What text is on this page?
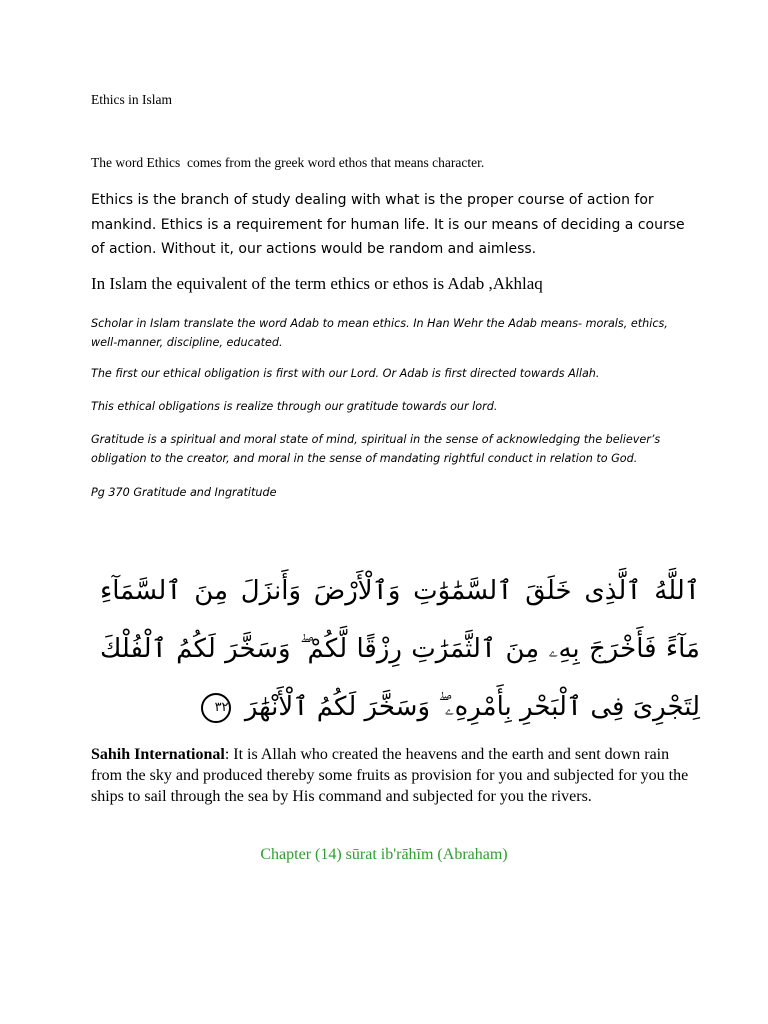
Ethics in Islam
The word Ethics  comes from the greek word ethos that means character.
Ethics is the branch of study dealing with what is the proper course of action for mankind. Ethics is a requirement for human life. It is our means of deciding a course of action. Without it, our actions would be random and aimless.
In Islam the equivalent of the term ethics or ethos is Adab ,Akhlaq
Scholar in Islam translate the word Adab to mean ethics. In Han Wehr the Adab means- morals, ethics, well-manner, discipline, educated.
The first our ethical obligation is first with our Lord. Or Adab is first directed towards Allah.
This ethical obligations is realize through our gratitude towards our lord.
Gratitude is a spiritual and moral state of mind, spiritual in the sense of acknowledging the believer’s obligation to the creator, and moral in the sense of mandating rightful conduct in relation to God.
Pg 370 Gratitude and Ingratitude
ٱللَّهُ ٱلَّذِى خَلَقَ ٱلسَّمَٰوَٰتِ وَٱلْأَرْضَ وَأَنزَلَ مِنَ ٱلسَّمَآءِ مَآءً فَأَخْرَجَ بِهِۦ مِنَ ٱلثَّمَرَٰتِ رِزْقًا لَّكُمْ ۖ وَسَخَّرَ لَكُمُ ٱلْفُلْكَ لِتَجْرِىَ فِى ٱلْبَحْرِ بِأَمْرِهِۦ ۖ وَسَخَّرَ لَكُمُ ٱلْأَنْهَٰرَ ٣٢
Sahih International: It is Allah who created the heavens and the earth and sent down rain from the sky and produced thereby some fruits as provision for you and subjected for you the ships to sail through the sea by His command and subjected for you the rivers.
Chapter (14) sūrat ib'rāhīm (Abraham)
